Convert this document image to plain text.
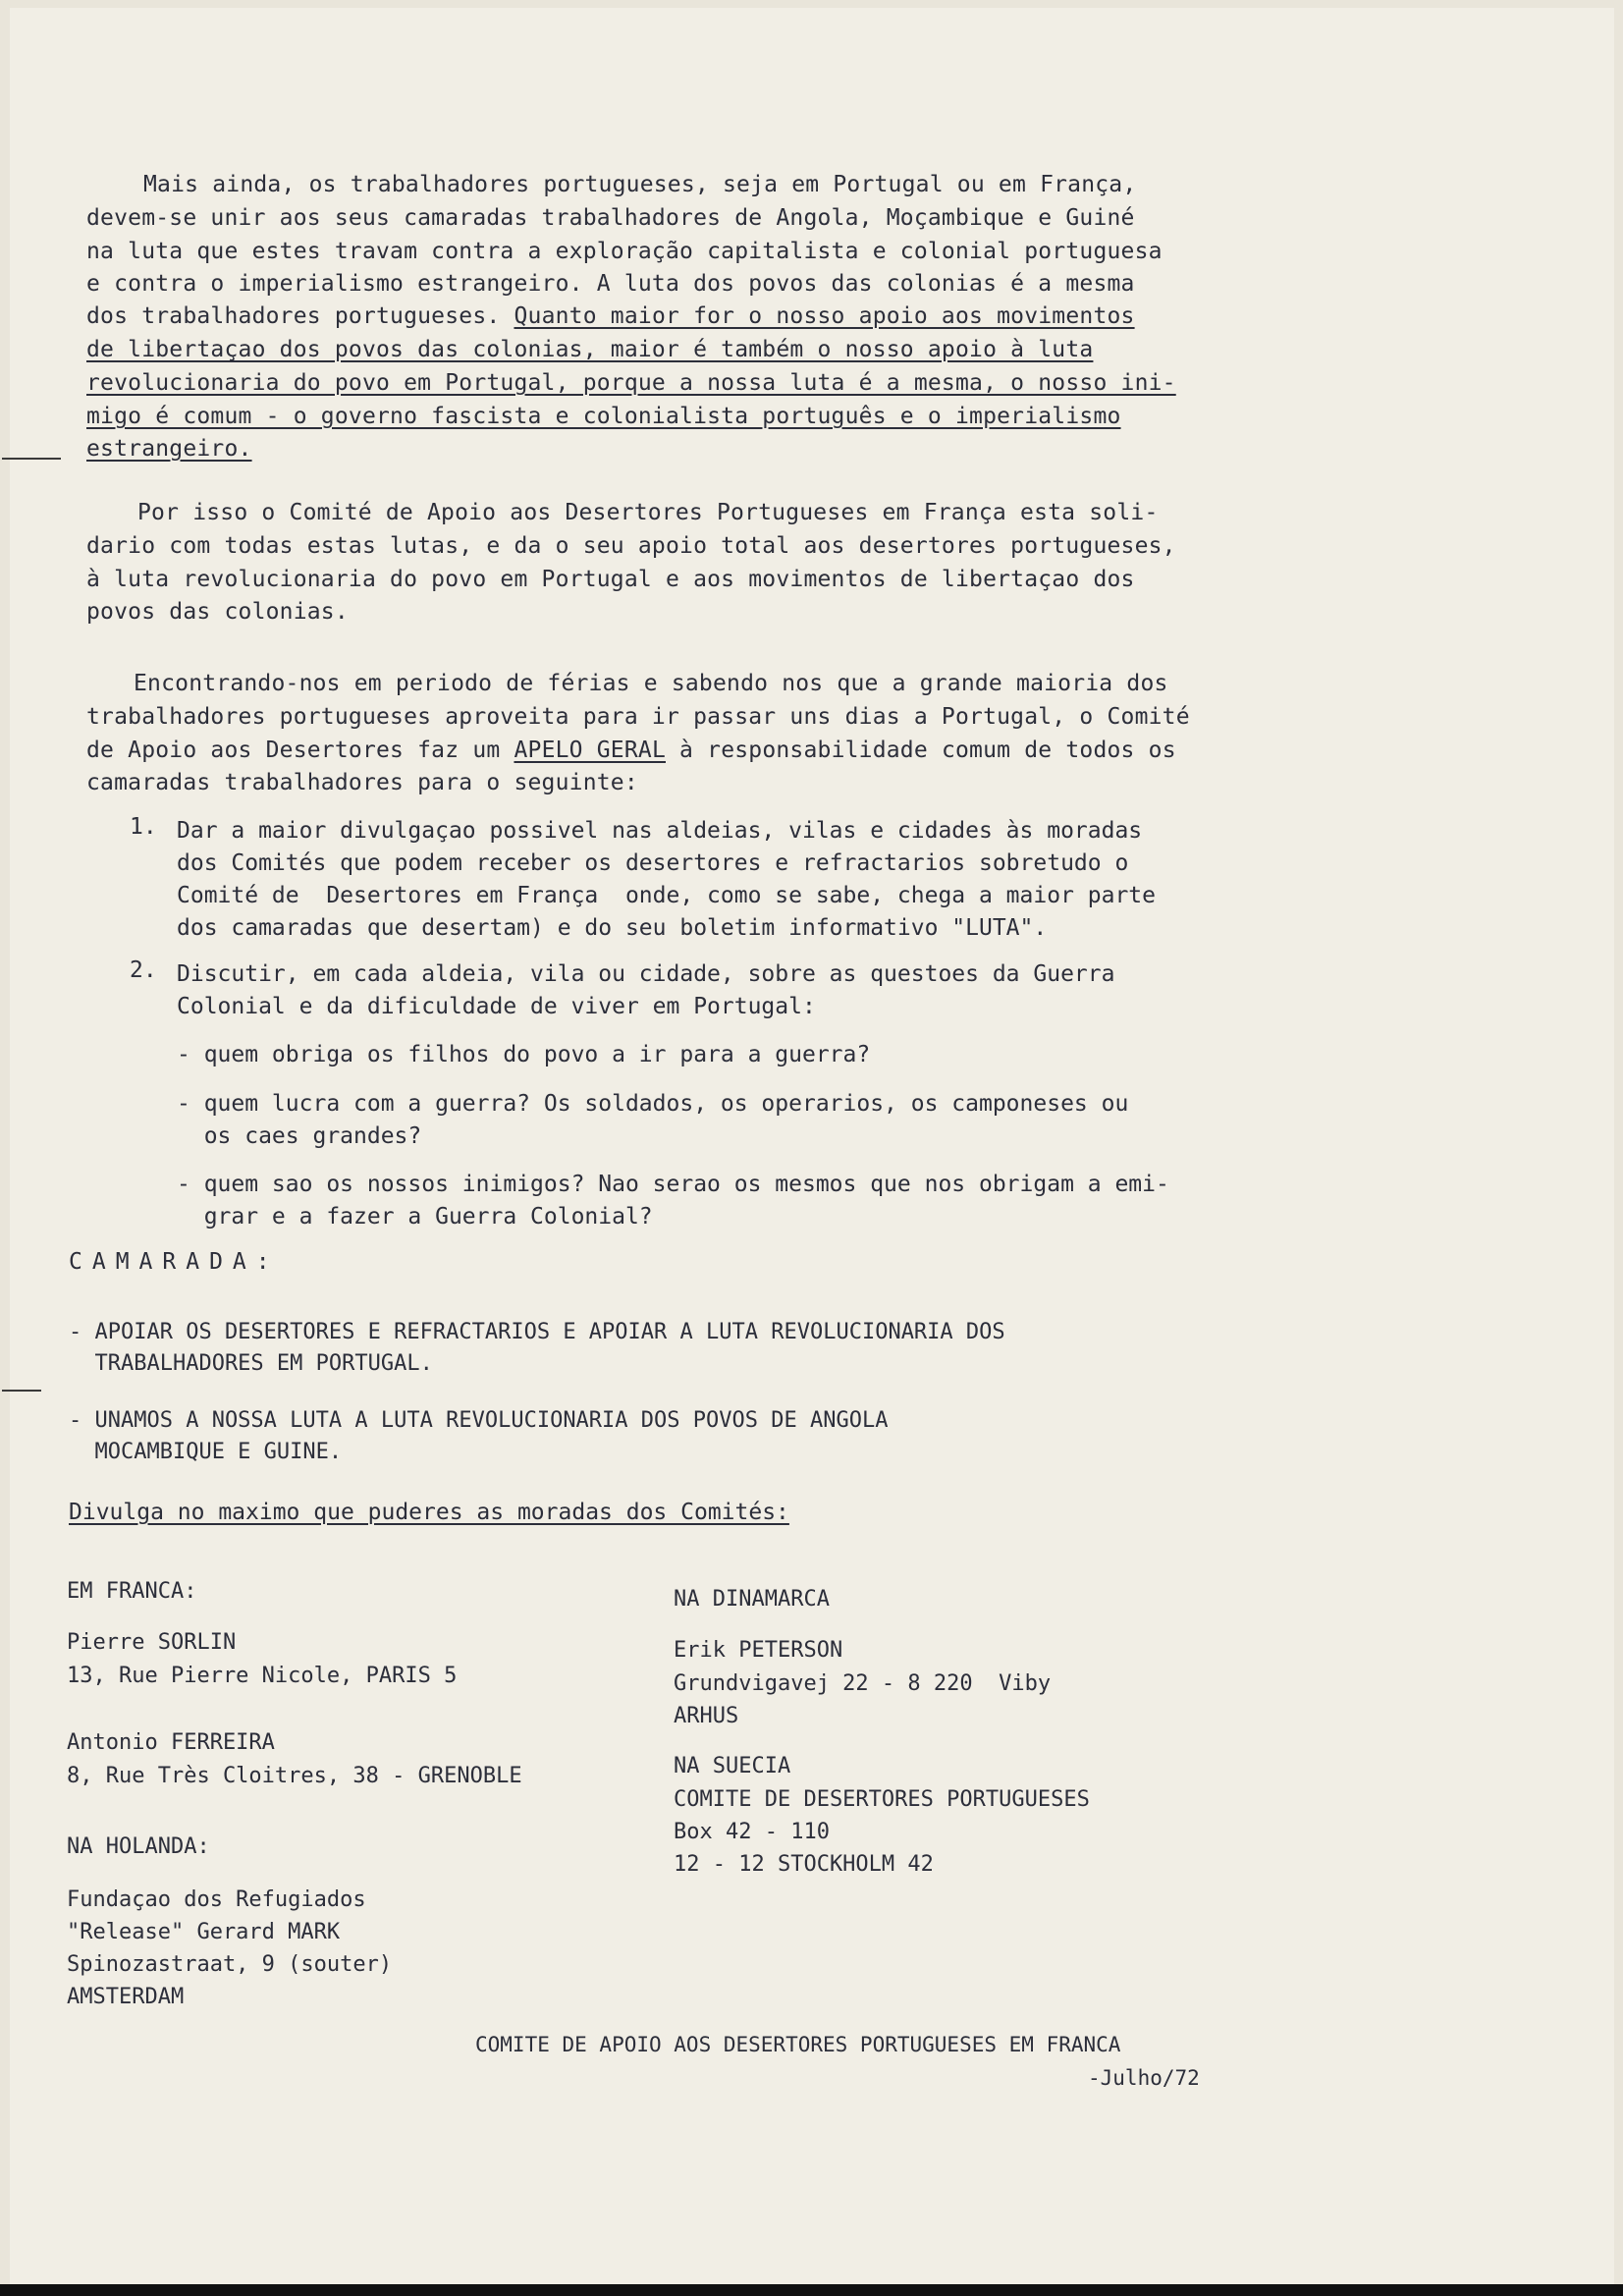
Mais ainda, os trabalhadores portugueses, seja em Portugal ou em França,

devem-se unir aos seus camaradas trabalhadores de Angola, Moçambique e Guiné

na luta que estes travam contra a exploração capitalista e colonial portuguesa

e contra o imperialismo estrangeiro. A luta dos povos das colonias é a mesma

dos trabalhadores portugueses. Quanto maior for o nosso apoio aos movimentos

de libertaçao dos povos das colonias, maior é também o nosso apoio à luta

revolucionaria do povo em Portugal, porque a nossa luta é a mesma, o nosso ini-

migo é comum - o governo fascista e colonialista português e o imperialismo

estrangeiro.

Por isso o Comité de Apoio aos Desertores Portugueses em França esta soli-

dario com todas estas lutas, e da o seu apoio total aos desertores portugueses,

à luta revolucionaria do povo em Portugal e aos movimentos de libertaçao dos

povos das colonias.

Encontrando-nos em periodo de férias e sabendo nos que a grande maioria dos

trabalhadores portugueses aproveita para ir passar uns dias a Portugal, o Comité

de Apoio aos Desertores faz um APELO GERAL à responsabilidade comum de todos os

camaradas trabalhadores para o seguinte:

1. Dar a maior divulgaçao possivel nas aldeias, vilas e cidades às moradas

dos Comités que podem receber os desertores e refractarios sobretudo o

Comité de  Desertores em França  onde, como se sabe, chega a maior parte

dos camaradas que desertam) e do seu boletim informativo "LUTA".

2. Discutir, em cada aldeia, vila ou cidade, sobre as questoes da Guerra

Colonial e da dificuldade de viver em Portugal:

- quem obriga os filhos do povo a ir para a guerra?

- quem lucra com a guerra? Os soldados, os operarios, os camponeses ou

os caes grandes?

- quem sao os nossos inimigos? Nao serao os mesmos que nos obrigam a emi-

grar e a fazer a Guerra Colonial?

CAMARADA:

- APOIAR OS DESERTORES E REFRACTARIOS E APOIAR A LUTA REVOLUCIONARIA DOS

TRABALHADORES EM PORTUGAL.

- UNAMOS A NOSSA LUTA A LUTA REVOLUCIONARIA DOS POVOS DE ANGOLA

MOCAMBIQUE E GUINE.

Divulga no maximo que puderes as moradas dos Comités:

EM FRANCA:

Pierre SORLIN

13, Rue Pierre Nicole, PARIS 5

Antonio FERREIRA

8, Rue Très Cloitres, 38 - GRENOBLE

NA HOLANDA:

Fundaçao dos Refugiados

"Release" Gerard MARK

Spinozastraat, 9 (souter)

AMSTERDAM

NA DINAMARCA

Erik PETERSON

Grundvigavej 22 - 8 220  Viby

ARHUS

NA SUECIA

COMITE DE DESERTORES PORTUGUESES

Box 42 - 110

12 - 12 STOCKHOLM 42

COMITE DE APOIO AOS DESERTORES PORTUGUESES EM FRANCA

-Julho/72
